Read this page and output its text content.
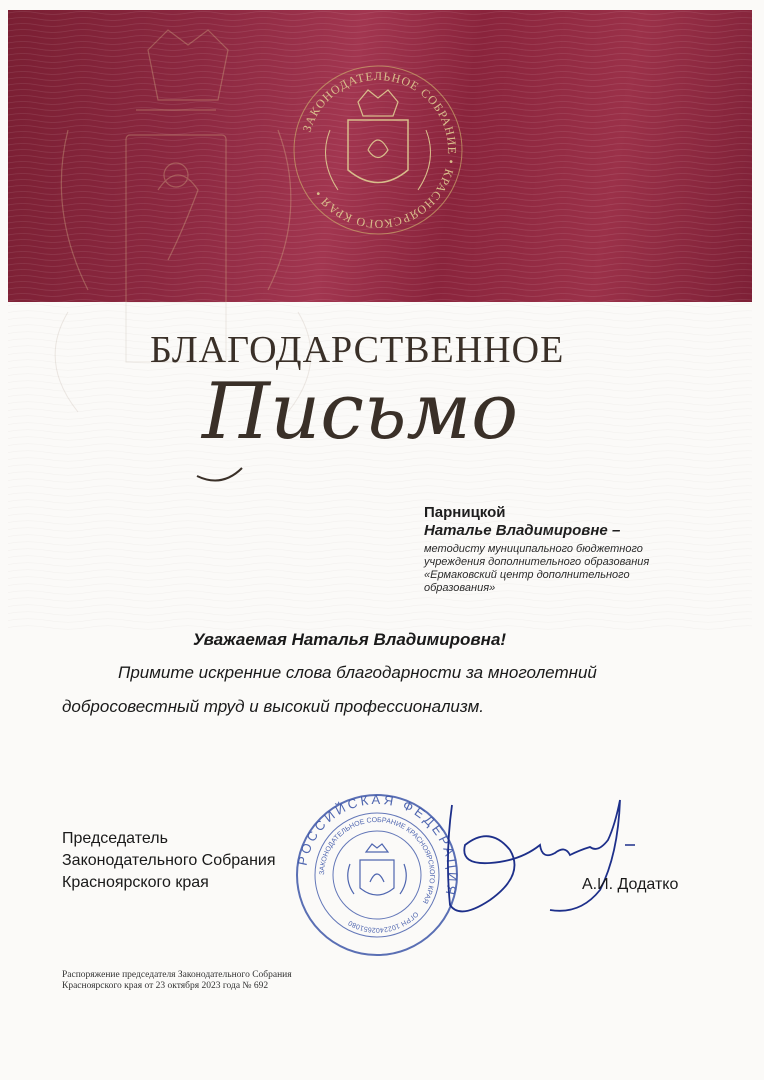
ЗАКОНОДАТЕЛЬНОЕ СОБРАНИЕ • КРАСНОЯРСКОГО КРАЯ •
БЛАГОДАРСТВЕННОЕ
Письмо
Парницкой
Наталье Владимировне –
методисту муниципального бюджетного
учреждения дополнительного образования
«Ермаковский центр дополнительного
образования»
Уважаемая Наталья Владимировна!
Примите искренние слова благодарности за многолетний
добросовестный труд и высокий профессионализм.
РОССИЙСКАЯ ФЕДЕРАЦИЯ
ЗАКОНОДАТЕЛЬНОЕ СОБРАНИЕ КРАСНОЯРСКОГО КРАЯ
ОГРН 1022402651080
Председатель
Законодательного Собрания
Красноярского края	А.И. Додатко
Распоряжение председателя Законодательного Собрания
Красноярского края от 23 октября 2023 года № 692
